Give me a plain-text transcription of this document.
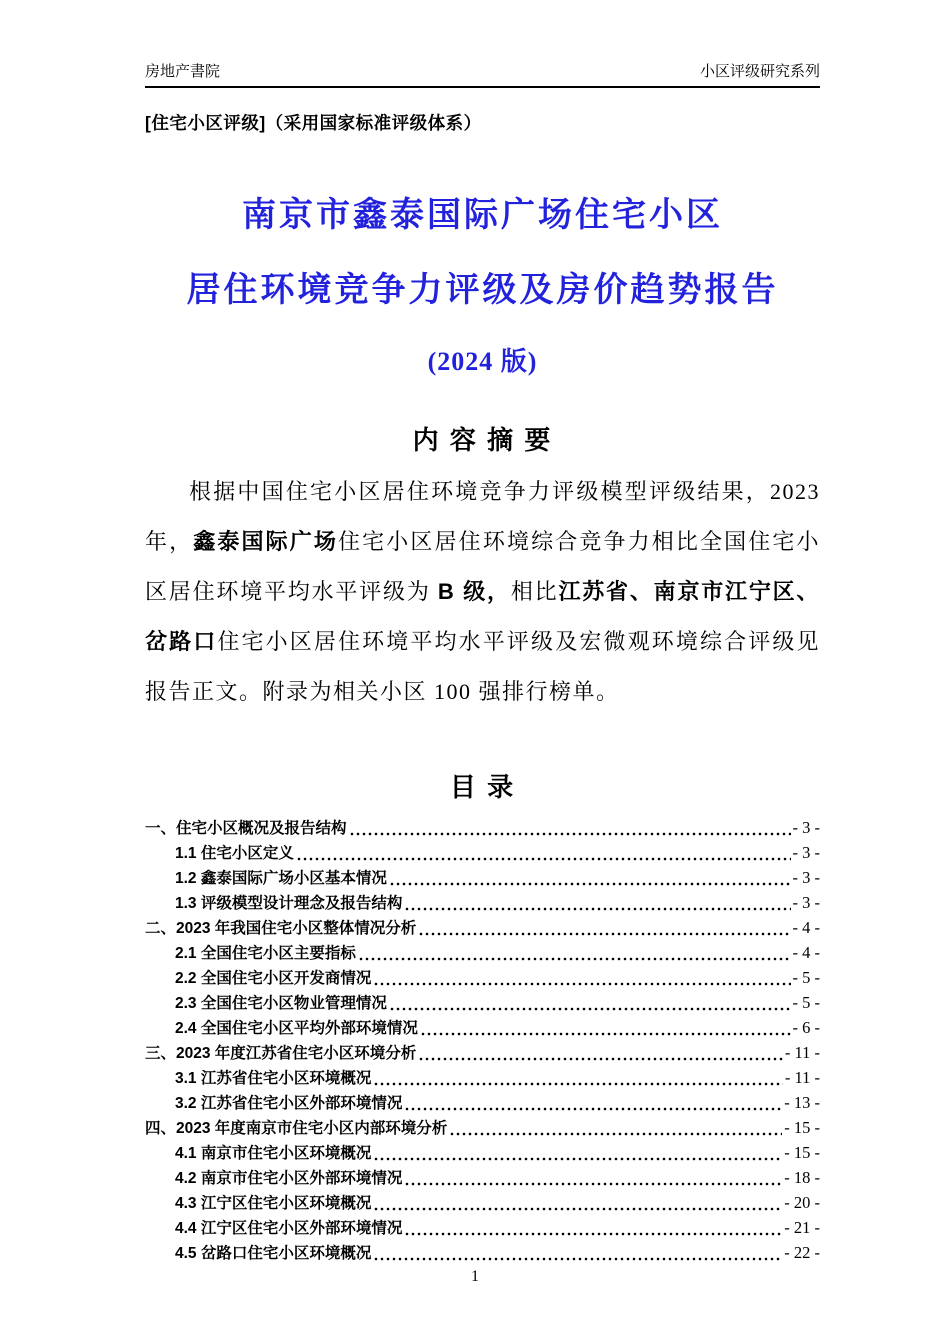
房地产書院	小区评级研究系列
[住宅小区评级]（采用国家标准评级体系）
南京市鑫泰国际广场住宅小区
居住环境竞争力评级及房价趋势报告
(2024 版)
内 容 摘 要

根据中国住宅小区居住环境竞争力评级模型评级结果，2023 年，鑫泰国际广场住宅小区居住环境综合竞争力相比全国住宅小区居住环境平均水平评级为 B 级，相比江苏省、南京市江宁区、岔路口住宅小区居住环境平均水平评级及宏微观环境综合评级见报告正文。附录为相关小区 100 强排行榜单。

目 录
一、住宅小区概况及报告结构	- 3 -
1.1 住宅小区定义	- 3 -
1.2 鑫泰国际广场小区基本情况	- 3 -
1.3 评级模型设计理念及报告结构	- 3 -
二、2023 年我国住宅小区整体情况分析	- 4 -
2.1 全国住宅小区主要指标	- 4 -
2.2 全国住宅小区开发商情况	- 5 -
2.3 全国住宅小区物业管理情况	- 5 -
2.4 全国住宅小区平均外部环境情况	- 6 -
三、2023 年度江苏省住宅小区环境分析	- 11 -
3.1 江苏省住宅小区环境概况	- 11 -
3.2 江苏省住宅小区外部环境情况	- 13 -
四、2023 年度南京市住宅小区内部环境分析	- 15 -
4.1 南京市住宅小区环境概况	- 15 -
4.2 南京市住宅小区外部环境情况	- 18 -
4.3 江宁区住宅小区环境概况	- 20 -
4.4 江宁区住宅小区外部环境情况	- 21 -
4.5 岔路口住宅小区环境概况	- 22 -
1
